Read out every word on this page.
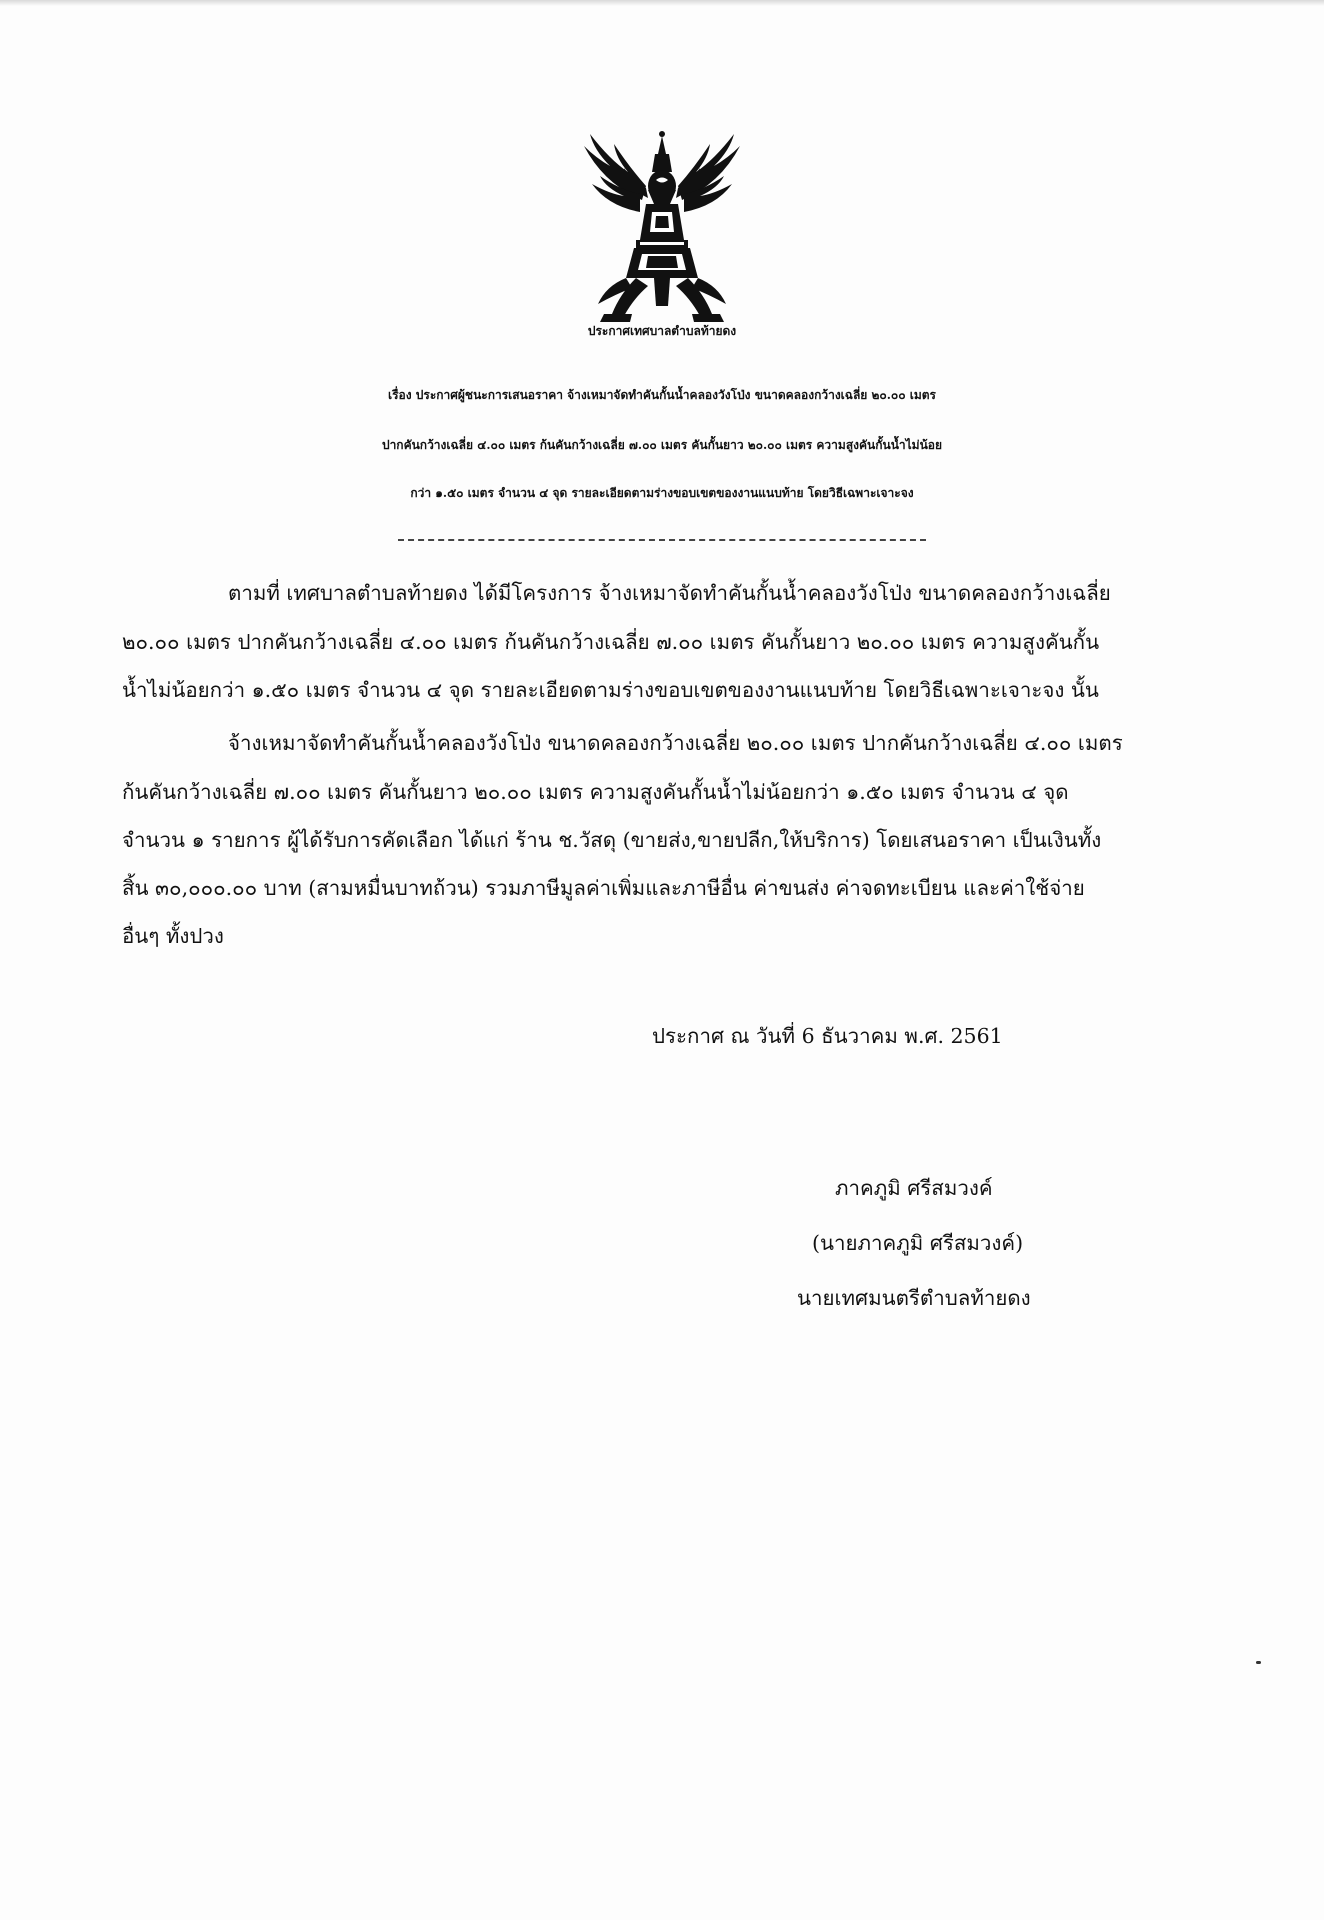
ประกาศเทศบาลตำบลท้ายดง
เรื่อง ประกาศผู้ชนะการเสนอราคา จ้างเหมาจัดทำคันกั้นน้ำคลองวังโป่ง ขนาดคลองกว้างเฉลี่ย ๒๐.๐๐ เมตร
ปากคันกว้างเฉลี่ย ๔.๐๐ เมตร ก้นคันกว้างเฉลี่ย ๗.๐๐ เมตร คันกั้นยาว ๒๐.๐๐ เมตร ความสูงคันกั้นน้ำไม่น้อย
กว่า ๑.๕๐ เมตร จำนวน ๔ จุด รายละเอียดตามร่างขอบเขตของงานแนบท้าย โดยวิธีเฉพาะเจาะจง
ตามที่ เทศบาลตำบลท้ายดง ได้มีโครงการ จ้างเหมาจัดทำคันกั้นน้ำคลองวังโป่ง ขนาดคลองกว้างเฉลี่ย
๒๐.๐๐ เมตร ปากคันกว้างเฉลี่ย ๔.๐๐ เมตร ก้นคันกว้างเฉลี่ย ๗.๐๐ เมตร คันกั้นยาว ๒๐.๐๐ เมตร ความสูงคันกั้น
น้ำไม่น้อยกว่า ๑.๕๐ เมตร จำนวน ๔ จุด รายละเอียดตามร่างขอบเขตของงานแนบท้าย โดยวิธีเฉพาะเจาะจง นั้น
จ้างเหมาจัดทำคันกั้นน้ำคลองวังโป่ง ขนาดคลองกว้างเฉลี่ย ๒๐.๐๐ เมตร ปากคันกว้างเฉลี่ย ๔.๐๐ เมตร
ก้นคันกว้างเฉลี่ย ๗.๐๐ เมตร คันกั้นยาว ๒๐.๐๐ เมตร ความสูงคันกั้นน้ำไม่น้อยกว่า ๑.๕๐ เมตร จำนวน ๔ จุด
จำนวน ๑ รายการ ผู้ได้รับการคัดเลือก ได้แก่ ร้าน ช.วัสดุ (ขายส่ง,ขายปลีก,ให้บริการ) โดยเสนอราคา เป็นเงินทั้ง
สิ้น ๓๐,๐๐๐.๐๐ บาท (สามหมื่นบาทถ้วน) รวมภาษีมูลค่าเพิ่มและภาษีอื่น ค่าขนส่ง ค่าจดทะเบียน และค่าใช้จ่าย
อื่นๆ ทั้งปวง
ประกาศ ณ วันที่ 6 ธันวาคม พ.ศ. 2561
ภาคภูมิ ศรีสมวงค์
(นายภาคภูมิ ศรีสมวงค์)
นายเทศมนตรีตำบลท้ายดง
